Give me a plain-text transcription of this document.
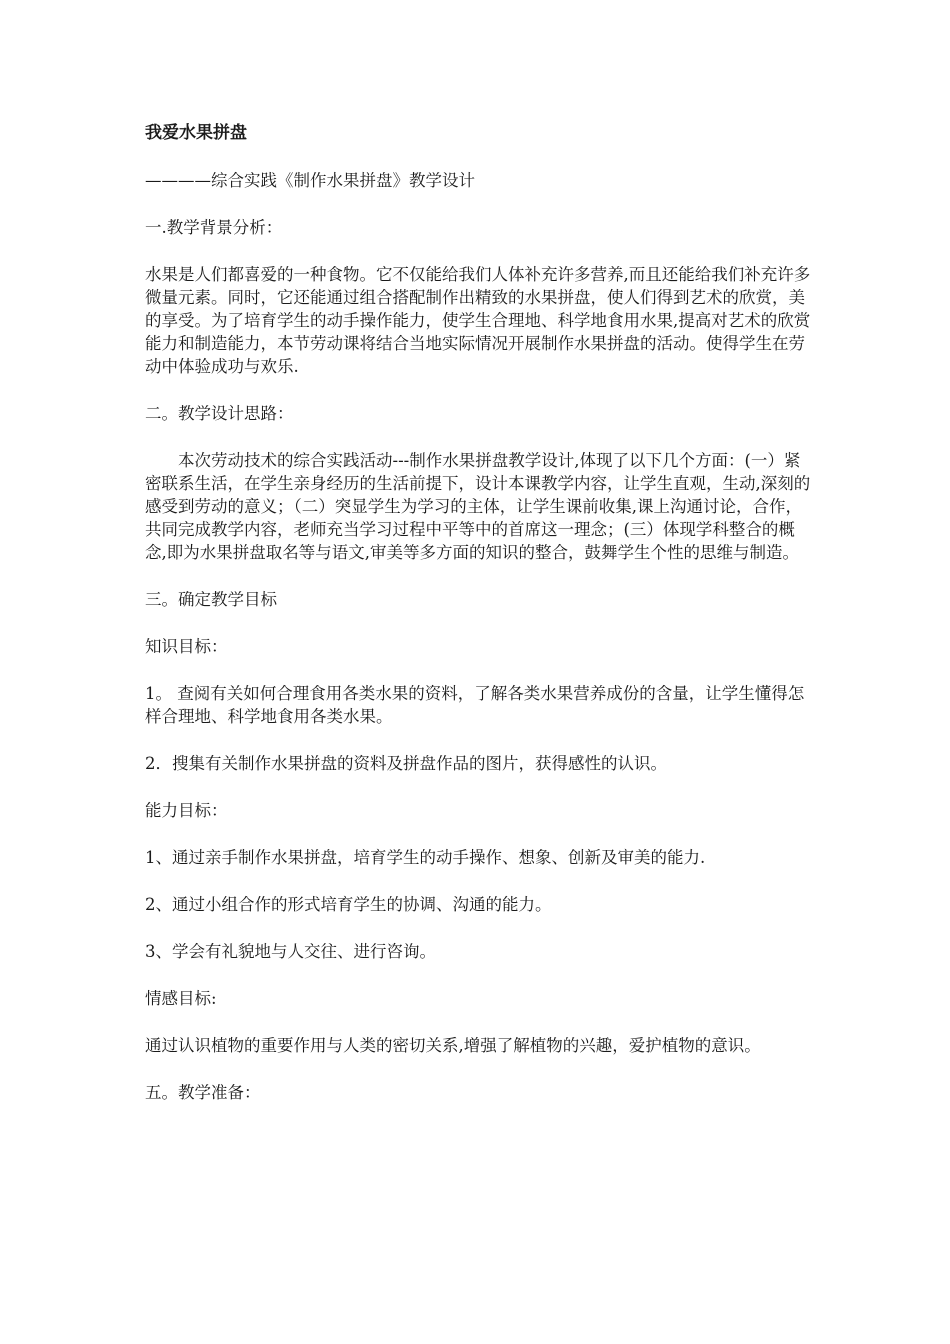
我爱水果拼盘

————综合实践《制作水果拼盘》教学设计

一.教学背景分析：

水果是人们都喜爱的一种食物。它不仅能给我们人体补充许多营养,而且还能给我们补充许多微量元素。同时，它还能通过组合搭配制作出精致的水果拼盘，使人们得到艺术的欣赏，美的享受。为了培育学生的动手操作能力，使学生合理地、科学地食用水果,提高对艺术的欣赏能力和制造能力，本节劳动课将结合当地实际情况开展制作水果拼盘的活动。使得学生在劳动中体验成功与欢乐.

二。教学设计思路：

本次劳动技术的综合实践活动---制作水果拼盘教学设计,体现了以下几个方面：(一）紧密联系生活，在学生亲身经历的生活前提下，设计本课教学内容，让学生直观，生动,深刻的感受到劳动的意义；（二）突显学生为学习的主体，让学生课前收集,课上沟通讨论，合作，共同完成教学内容，老师充当学习过程中平等中的首席这一理念；(三）体现学科整合的概念,即为水果拼盘取名等与语文,审美等多方面的知识的整合，鼓舞学生个性的思维与制造。

三。确定教学目标

知识目标：

1。 查阅有关如何合理食用各类水果的资料，了解各类水果营养成份的含量，让学生懂得怎样合理地、科学地食用各类水果。

2．搜集有关制作水果拼盘的资料及拼盘作品的图片，获得感性的认识。

能力目标：

1、通过亲手制作水果拼盘，培育学生的动手操作、想象、创新及审美的能力.

2、通过小组合作的形式培育学生的协调、沟通的能力。

3、学会有礼貌地与人交往、进行咨询。

情感目标:

通过认识植物的重要作用与人类的密切关系,增强了解植物的兴趣，爱护植物的意识。

五。教学准备：
